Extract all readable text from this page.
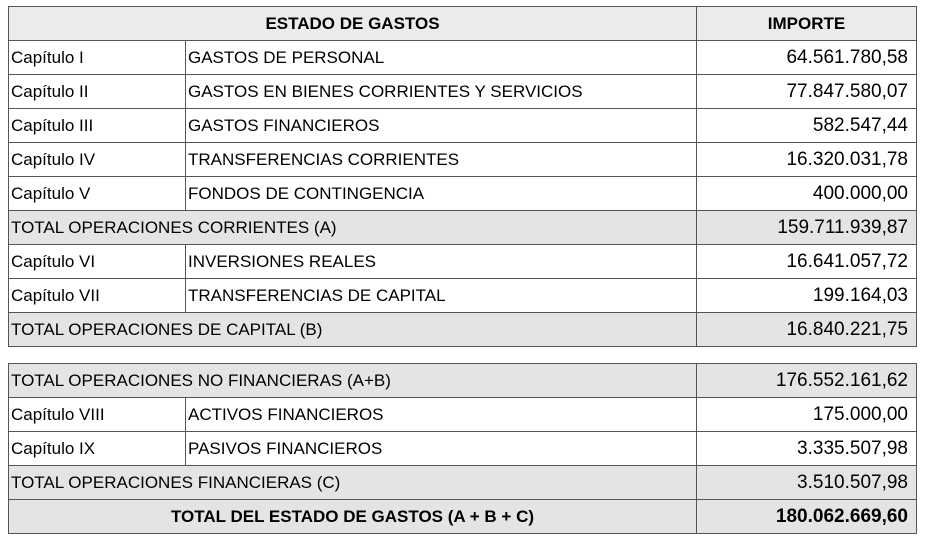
ESTADO DE GASTOS		IMPORTE
Capítulo I	GASTOS DE PERSONAL	64.561.780,58
Capítulo II	GASTOS EN BIENES CORRIENTES Y SERVICIOS	77.847.580,07
Capítulo III	GASTOS FINANCIEROS	582.547,44
Capítulo IV	TRANSFERENCIAS CORRIENTES	16.320.031,78
Capítulo V	FONDOS DE CONTINGENCIA	400.000,00
TOTAL OPERACIONES CORRIENTES (A)		159.711.939,87
Capítulo VI	INVERSIONES REALES	16.641.057,72
Capítulo VII	TRANSFERENCIAS DE CAPITAL	199.164,03
TOTAL OPERACIONES DE CAPITAL (B)		16.840.221,75
TOTAL OPERACIONES NO FINANCIERAS (A+B)		176.552.161,62
Capítulo VIII	ACTIVOS FINANCIEROS	175.000,00
Capítulo IX	PASIVOS FINANCIEROS	3.335.507,98
TOTAL OPERACIONES FINANCIERAS (C)		3.510.507,98
TOTAL DEL ESTADO DE GASTOS (A + B + C)		180.062.669,60
